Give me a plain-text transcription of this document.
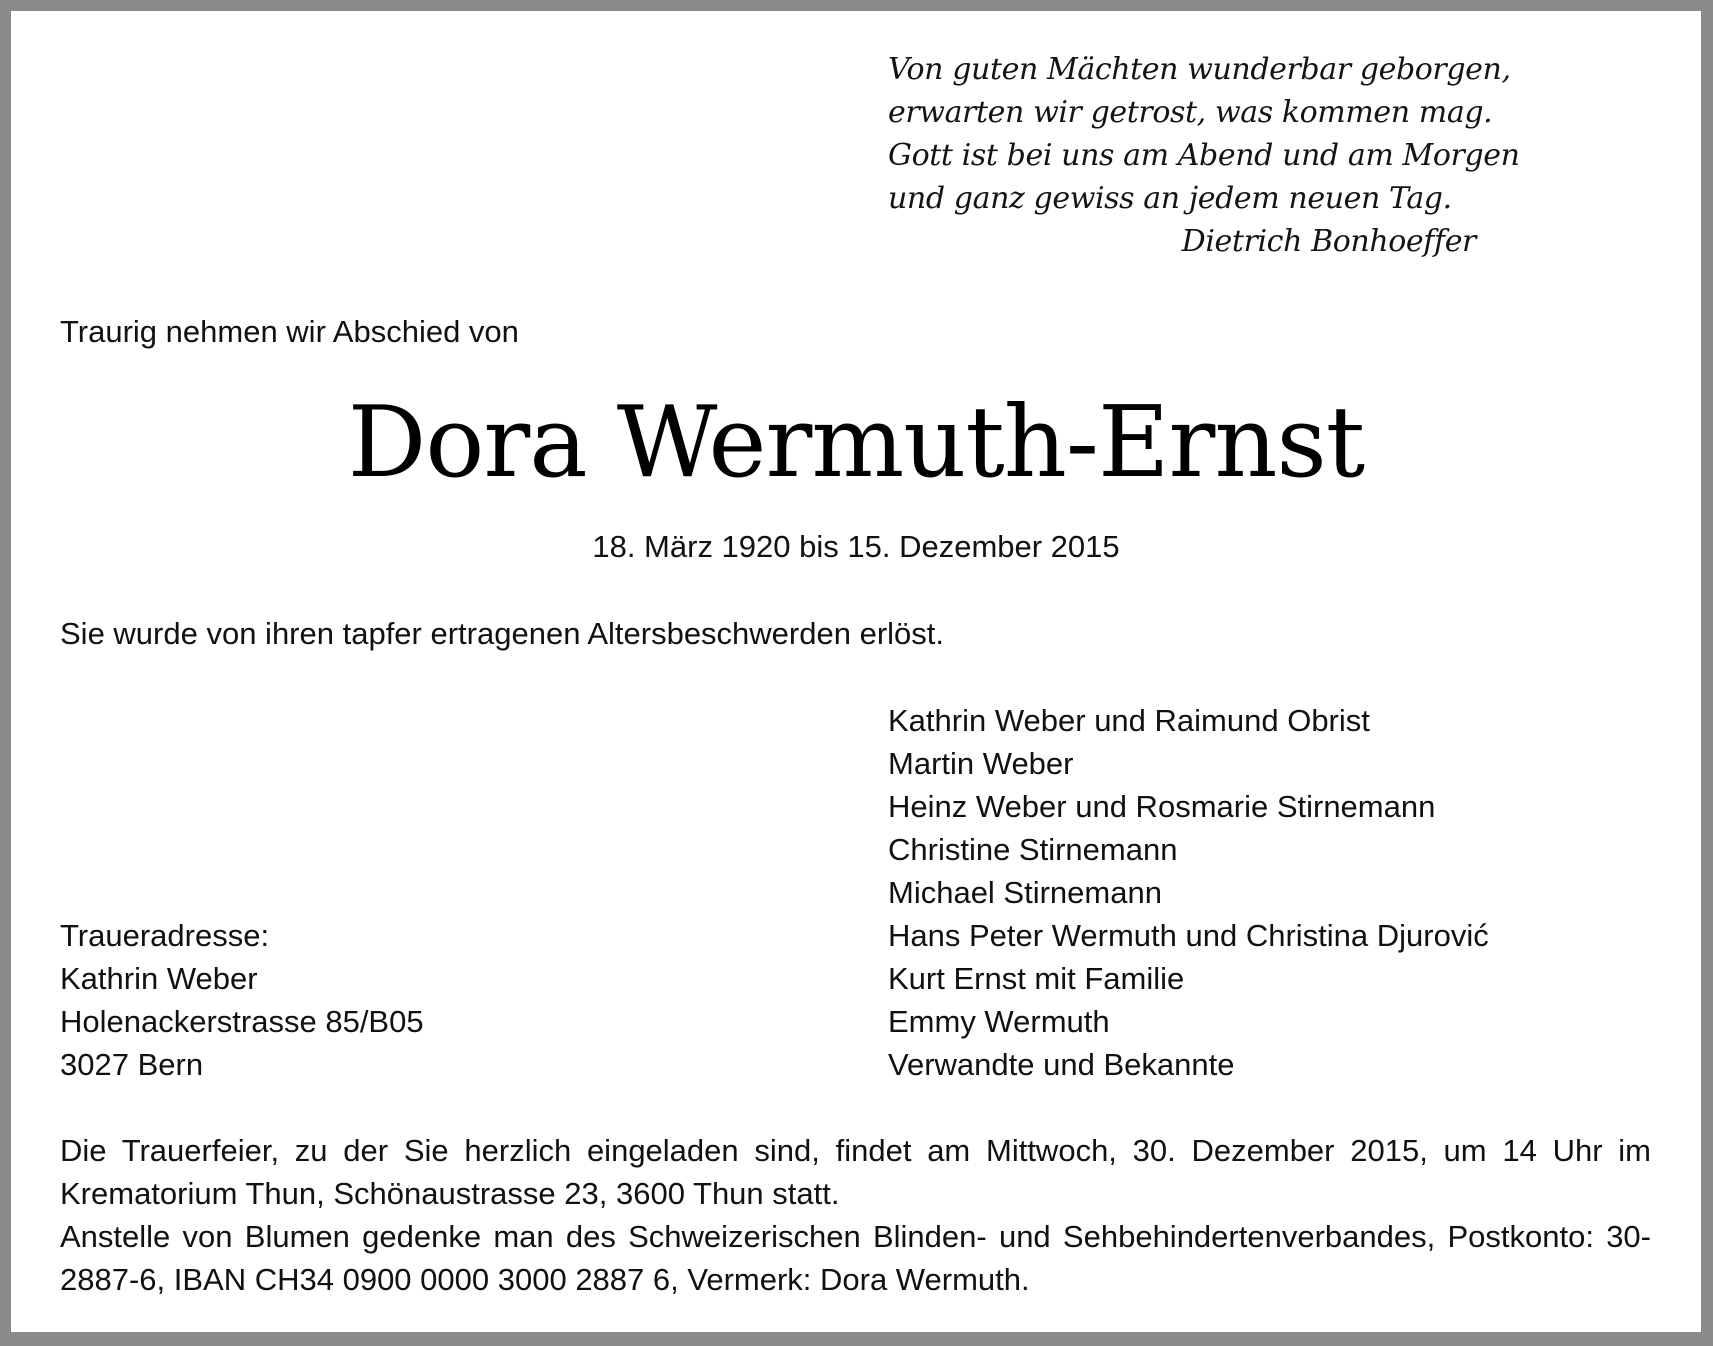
Von guten Mächten wunderbar geborgen,
erwarten wir getrost, was kommen mag.
Gott ist bei uns am Abend und am Morgen
und ganz gewiss an jedem neuen Tag.
Dietrich Bonhoeffer
Traurig nehmen wir Abschied von
Dora Wermuth-Ernst
18. März 1920 bis 15. Dezember 2015
Sie wurde von ihren tapfer ertragenen Altersbeschwerden erlöst.
Kathrin Weber und Raimund Obrist
Martin Weber
Heinz Weber und Rosmarie Stirnemann
Christine Stirnemann
Michael Stirnemann
Hans Peter Wermuth und Christina Djurović
Kurt Ernst mit Familie
Emmy Wermuth
Verwandte und Bekannte
Traueradresse:
Kathrin Weber
Holenackerstrasse 85/B05
3027 Bern

Die Trauerfeier, zu der Sie herzlich eingeladen sind, findet am Mittwoch, 30. Dezember 2015, um 14 Uhr im Krematorium Thun, Schönaustrasse 23, 3600 Thun statt.

Anstelle von Blumen gedenke man des Schweizerischen Blinden- und Sehbehindertenverbandes, Postkonto: 30-2887-6, IBAN CH34 0900 0000 3000 2887 6, Vermerk: Dora Wermuth.
